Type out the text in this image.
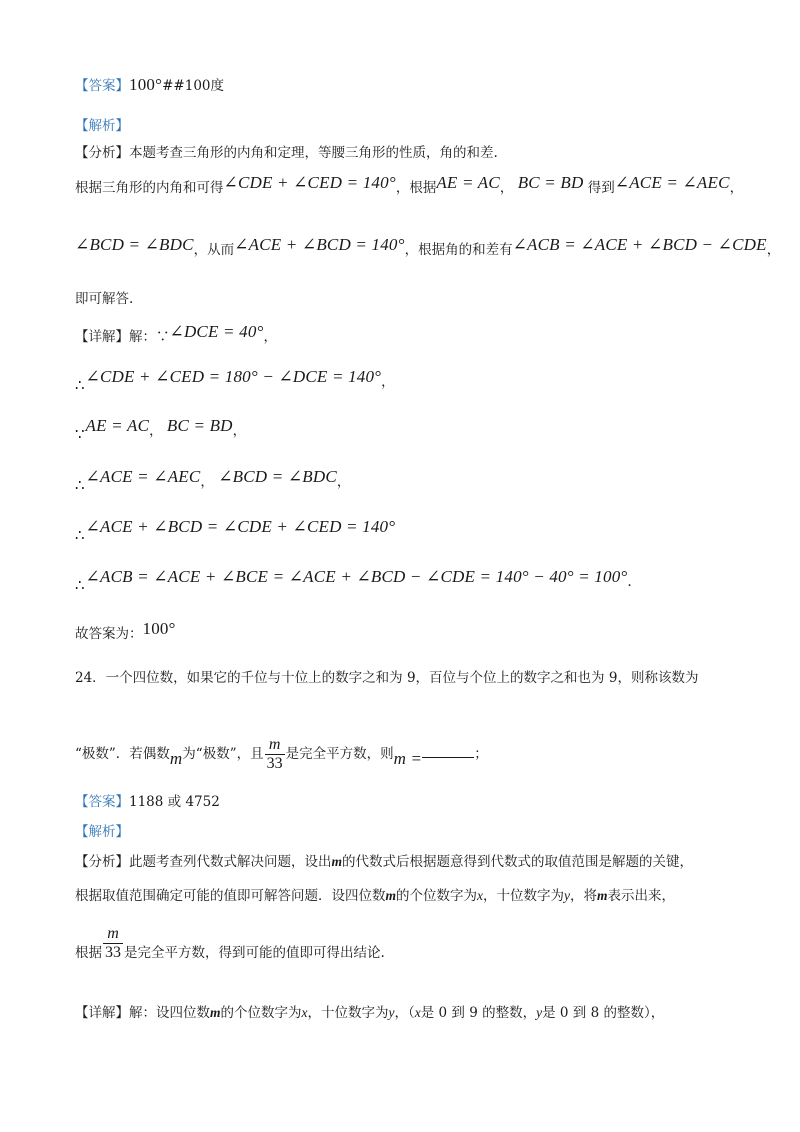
【答案】100°##100度
【解析】
【分析】本题考查三角形的内角和定理，等腰三角形的性质，角的和差.
根据三角形的内角和可得∠CDE + ∠CED = 140°，根据AE = AC， BC = BD 得到∠ACE = ∠AEC，
∠BCD = ∠BDC，从而∠ACE + ∠BCD = 140°，根据角的和差有∠ACB = ∠ACE + ∠BCD − ∠CDE，
即可解答.
【详解】解：∵∠DCE = 40°，
∴∠CDE + ∠CED = 180° − ∠DCE = 140°，
∵AE = AC， BC = BD，
∴∠ACE = ∠AEC， ∠BCD = ∠BDC，
∴∠ACE + ∠BCD = ∠CDE + ∠CED = 140°
∴∠ACB = ∠ACE + ∠BCE = ∠ACE + ∠BCD − ∠CDE = 140° − 40° = 100°.
故答案为：100°
24．一个四位数，如果它的千位与十位上的数字之和为 9，百位与个位上的数字之和也为 9，则称该数为
“极数”．若偶数m为“极数”，且 $\frac{m}{33}$ 是完全平方数，则m =	；
【答案】1188 或 4752
【解析】
【分析】此题考查列代数式解决问题，设出m的代数式后根据题意得到代数式的取值范围是解题的关键，
根据取值范围确定可能的值即可解答问题．设四位数m的个位数字为x，十位数字为y，将m表示出来，
根据 $\frac{m}{33}$ 是完全平方数，得到可能的值即可得出结论.
【详解】解：设四位数m的个位数字为x，十位数字为y，（x是 0 到 9 的整数，y是 0 到 8 的整数），
